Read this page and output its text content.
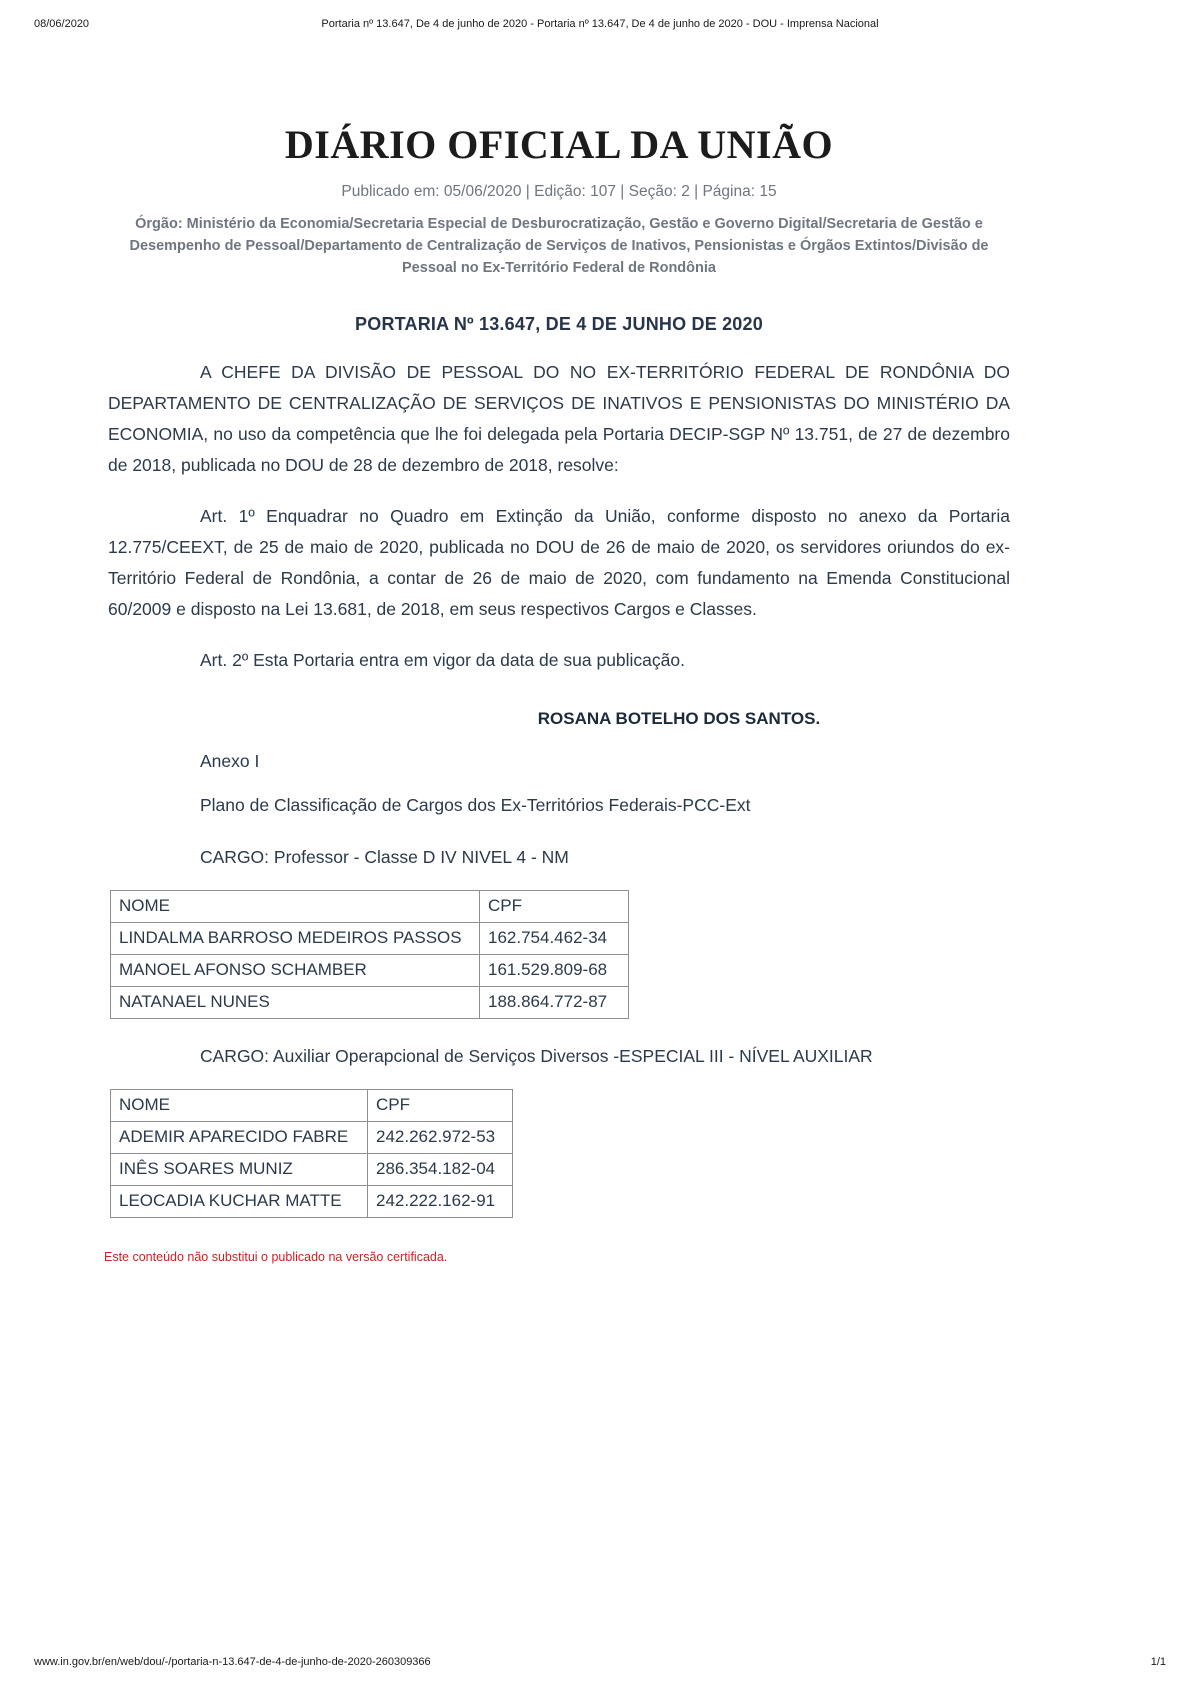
08/06/2020	Portaria nº 13.647, De 4 de junho de 2020 - Portaria nº 13.647, De 4 de junho de 2020 - DOU - Imprensa Nacional
DIÁRIO OFICIAL DA UNIÃO
Publicado em: 05/06/2020 | Edição: 107 | Seção: 2 | Página: 15
Órgão: Ministério da Economia/Secretaria Especial de Desburocratização, Gestão e Governo Digital/Secretaria de Gestão e Desempenho de Pessoal/Departamento de Centralização de Serviços de Inativos, Pensionistas e Órgãos Extintos/Divisão de Pessoal no Ex-Território Federal de Rondônia
PORTARIA Nº 13.647, DE 4 DE JUNHO DE 2020
A CHEFE DA DIVISÃO DE PESSOAL DO NO EX-TERRITÓRIO FEDERAL DE RONDÔNIA DO DEPARTAMENTO DE CENTRALIZAÇÃO DE SERVIÇOS DE INATIVOS E PENSIONISTAS DO MINISTÉRIO DA ECONOMIA, no uso da competência que lhe foi delegada pela Portaria DECIP-SGP Nº 13.751, de 27 de dezembro de 2018, publicada no DOU de 28 de dezembro de 2018, resolve:
Art. 1º Enquadrar no Quadro em Extinção da União, conforme disposto no anexo da Portaria 12.775/CEEXT, de 25 de maio de 2020, publicada no DOU de 26 de maio de 2020, os servidores oriundos do ex-Território Federal de Rondônia, a contar de 26 de maio de 2020, com fundamento na Emenda Constitucional 60/2009 e disposto na Lei 13.681, de 2018, em seus respectivos Cargos e Classes.
Art. 2º Esta Portaria entra em vigor da data de sua publicação.
ROSANA BOTELHO DOS SANTOS.
Anexo I
Plano de Classificação de Cargos dos Ex-Territórios Federais-PCC-Ext
CARGO: Professor - Classe D IV NIVEL 4 - NM
NOME	CPF
LINDALMA BARROSO MEDEIROS PASSOS	162.754.462-34
MANOEL AFONSO SCHAMBER	161.529.809-68
NATANAEL NUNES	188.864.772-87
CARGO: Auxiliar Operapcional de Serviços Diversos -ESPECIAL III - NÍVEL AUXILIAR
NOME	CPF
ADEMIR APARECIDO FABRE	242.262.972-53
INÊS SOARES MUNIZ	286.354.182-04
LEOCADIA KUCHAR MATTE	242.222.162-91
Este conteúdo não substitui o publicado na versão certificada.
www.in.gov.br/en/web/dou/-/portaria-n-13.647-de-4-de-junho-de-2020-260309366	1/1
